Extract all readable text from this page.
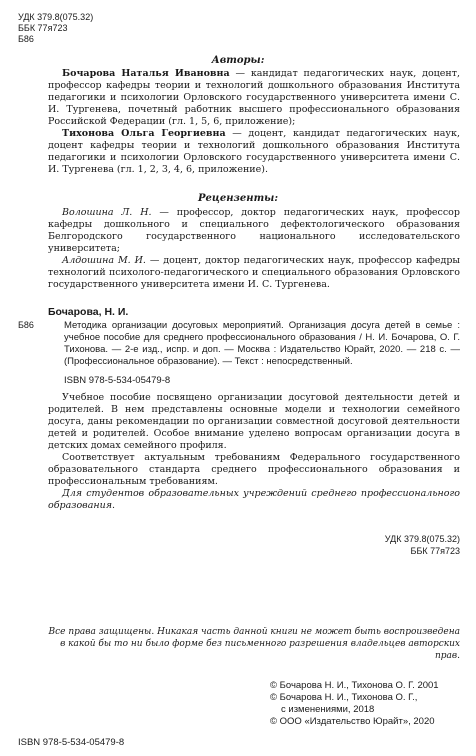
УДК 379.8(075.32)
ББК 77я723
Б86
Авторы:

Бочарова Наталья Ивановна — кандидат педагогических наук, доцент, профессор кафедры теории и технологий дошкольного образования Института педагогики и психологии Орловского государственного университета имени С. И. Тургенева, почетный работник высшего профессионального образования Российской Федерации (гл. 1, 5, 6, приложение);

Тихонова Ольга Георгиевна — доцент, кандидат педагогических наук, доцент кафедры теории и технологий дошкольного образования Института педагогики и психологии Орловского государственного университета имени С. И. Тургенева (гл. 1, 2, 3, 4, 6, приложение).

Рецензенты:

Волошина Л. Н. — профессор, доктор педагогических наук, профессор кафедры дошкольного и специального дефектологического образования Белгородского государственного национального исследовательского университета;

Алдошина М. И. — доцент, доктор педагогических наук, профессор кафедры технологий психолого-педагогического и специального образования Орловского государственного университета имени И. С. Тургенева.

Б86
Бочарова, Н. И.
Методика организации досуговых мероприятий. Организация досуга детей в семье : учебное пособие для среднего профессионального образования / Н. И. Бочарова, О. Г. Тихонова. — 2-е изд., испр. и доп. — Москва : Издательство Юрайт, 2020. — 218 с. — (Профессиональное образование). — Текст : непосредственный.
ISBN 978-5-534-05479-8

Учебное пособие посвящено организации досуговой деятельности детей и родителей. В нем представлены основные модели и технологии семейного досуга, даны рекомендации по организации совместной досуговой деятельности детей и родителей. Особое внимание уделено вопросам организации досуга в детских домах семейного профиля.

Соответствует актуальным требованиям Федерального государственного образовательного стандарта среднего профессионального образования и профессиональным требованиям.

Для студентов образовательных учреждений среднего профессионального образования.

УДК 379.8(075.32)
ББК 77я723
Все права защищены. Никакая часть данной книги не может быть воспроизведена
в какой бы то ни было форме без письменного разрешения владельцев авторских прав.
© Бочарова Н. И., Тихонова О. Г. 2001
© Бочарова Н. И., Тихонова О. Г.,
с изменениями, 2018
© ООО «Издательство Юрайт», 2020
ISBN 978-5-534-05479-8
